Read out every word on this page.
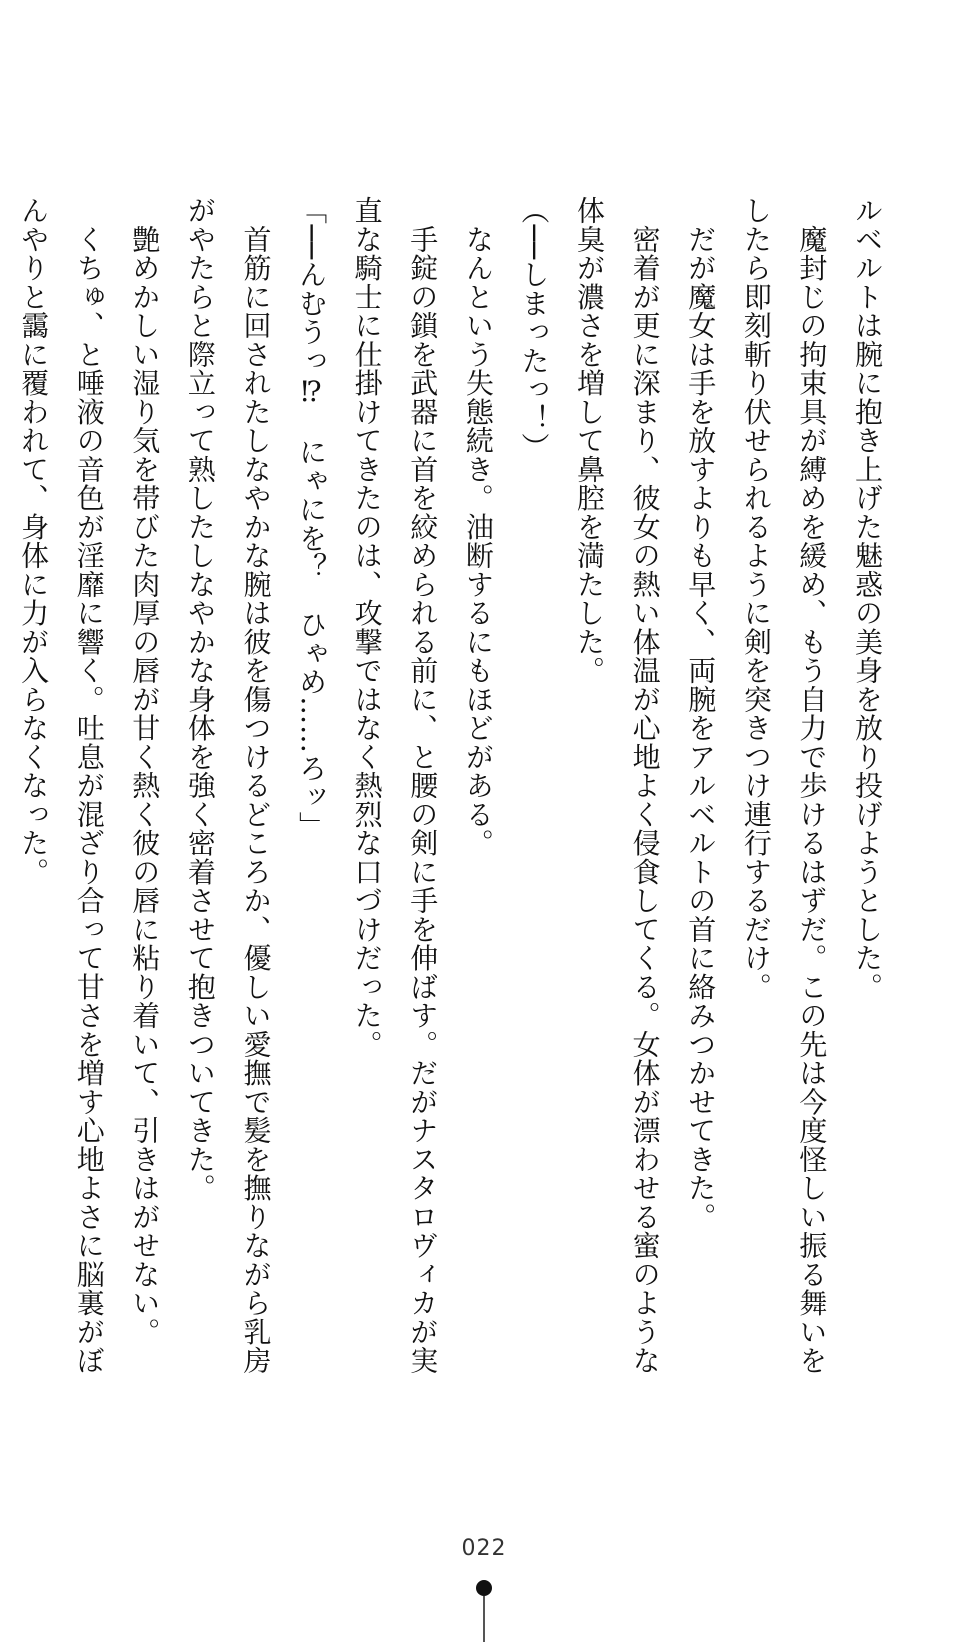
ルベルトは腕に抱き上げた魅惑の美身を放り投げようとした。

　魔封じの拘束具が縛めを緩め、もう自力で歩けるはずだ。この先は今度怪しい振る舞いをしたら即刻斬り伏せられるように剣を突きつけ連行するだけ。

　だが魔女は手を放すよりも早く、両腕をアルベルトの首に絡みつかせてきた。

　密着が更に深まり、彼女の熱い体温が心地よく侵食してくる。女体が漂わせる蜜のような体臭が濃さを増して鼻腔を満たした。

（──しまったっ！）

　なんという失態続き。油断するにもほどがある。

　手錠の鎖を武器に首を絞められる前に、と腰の剣に手を伸ばす。だがナスタロヴィカが実直な騎士に仕掛けてきたのは、攻撃ではなく熱烈な口づけだった。

「──んむうっ⁉　にゃにを？　ひゃめ……ろッ」

　首筋に回されたしなやかな腕は彼を傷つけるどころか、優しい愛撫で髪を撫りながら乳房がやたらと際立って熟したしなやかな身体を強く密着させて抱きついてきた。

　艶めかしい湿り気を帯びた肉厚の唇が甘く熱く彼の唇に粘り着いて、引きはがせない。

　くちゅ、と唾液の音色が淫靡に響く。吐息が混ざり合って甘さを増す心地よさに脳裏がぼんやりと靄に覆われて、身体に力が入らなくなった。

022
